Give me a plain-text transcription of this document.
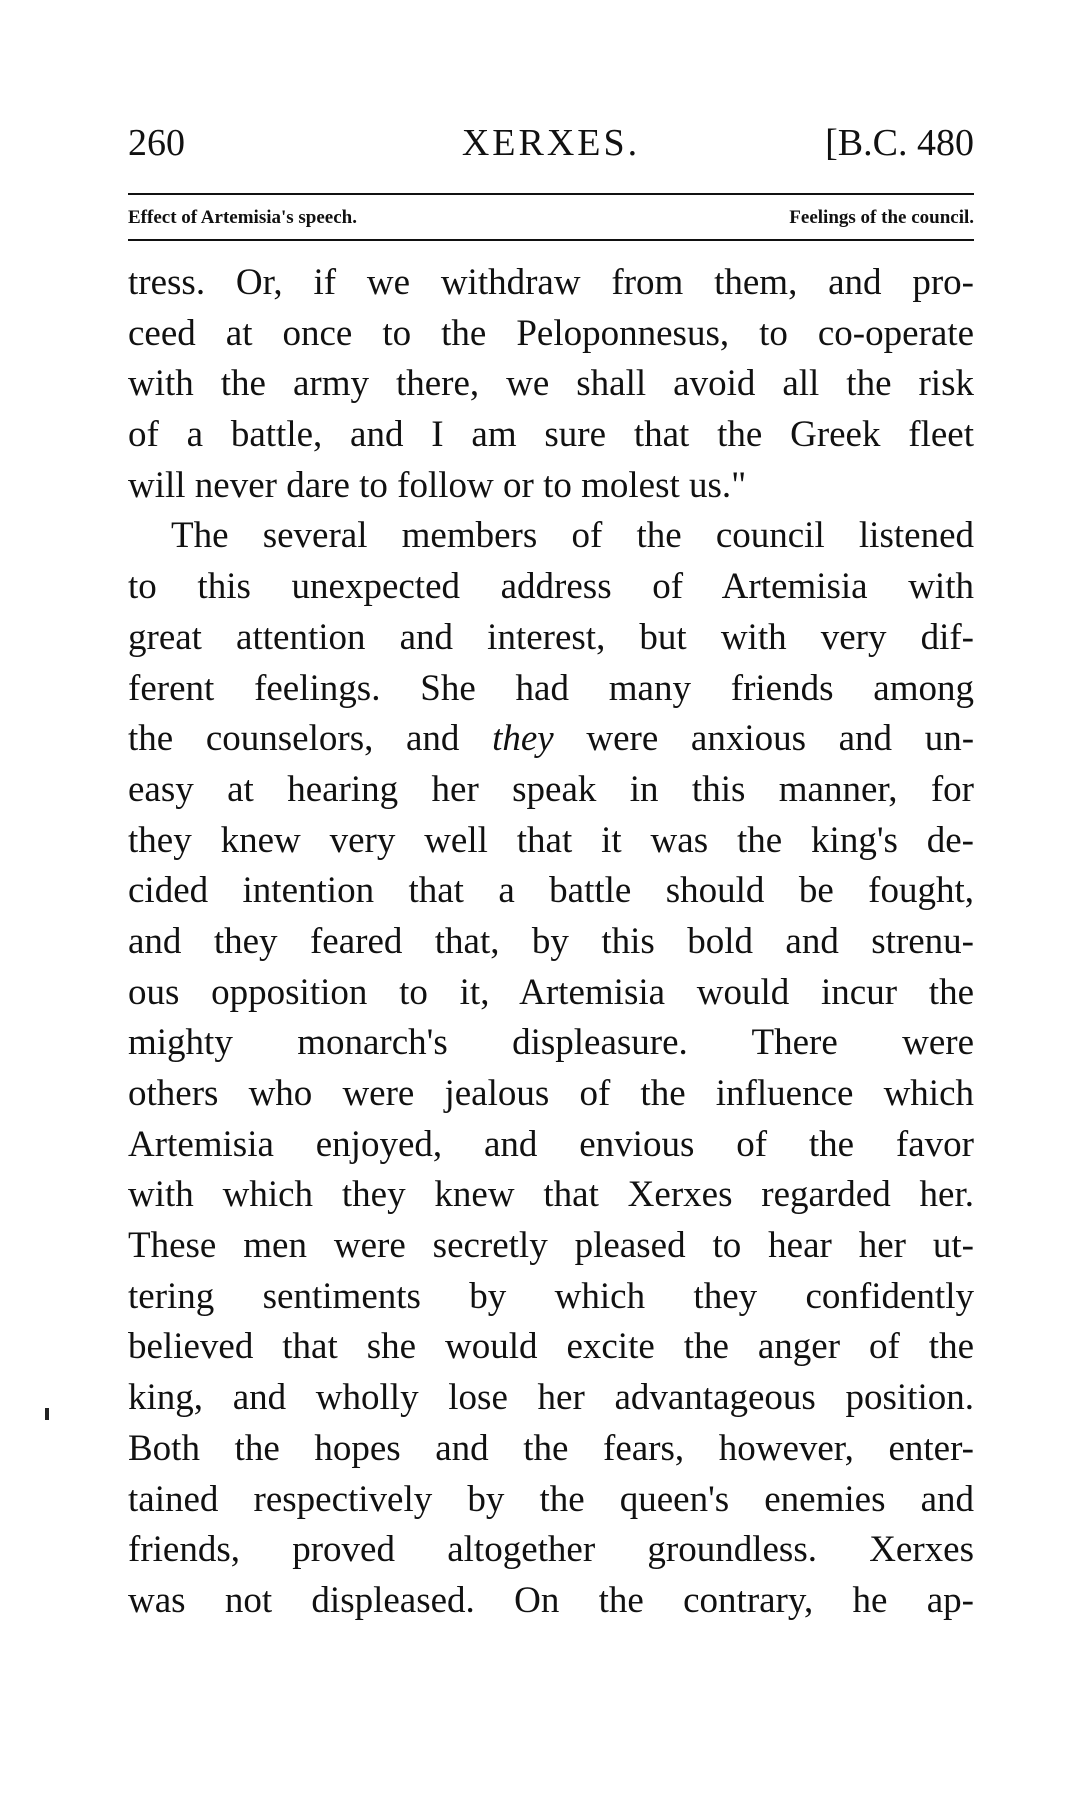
260	XERXES.	[B.C. 480
Effect of Artemisia's speech.	Feelings of the council.
tress. Or, if we withdraw from them, and pro-
ceed at once to the Peloponnesus, to co-operate
with the army there, we shall avoid all the risk
of a battle, and I am sure that the Greek fleet
will never dare to follow or to molest us."
The several members of the council listened
to this unexpected address of Artemisia with
great attention and interest, but with very dif-
ferent feelings. She had many friends among
the counselors, and they were anxious and un-
easy at hearing her speak in this manner, for
they knew very well that it was the king's de-
cided intention that a battle should be fought,
and they feared that, by this bold and strenu-
ous opposition to it, Artemisia would incur the
mighty monarch's displeasure. There were
others who were jealous of the influence which
Artemisia enjoyed, and envious of the favor
with which they knew that Xerxes regarded her.
These men were secretly pleased to hear her ut-
tering sentiments by which they confidently
believed that she would excite the anger of the
king, and wholly lose her advantageous position.
Both the hopes and the fears, however, enter-
tained respectively by the queen's enemies and
friends, proved altogether groundless. Xerxes
was not displeased. On the contrary, he ap-
